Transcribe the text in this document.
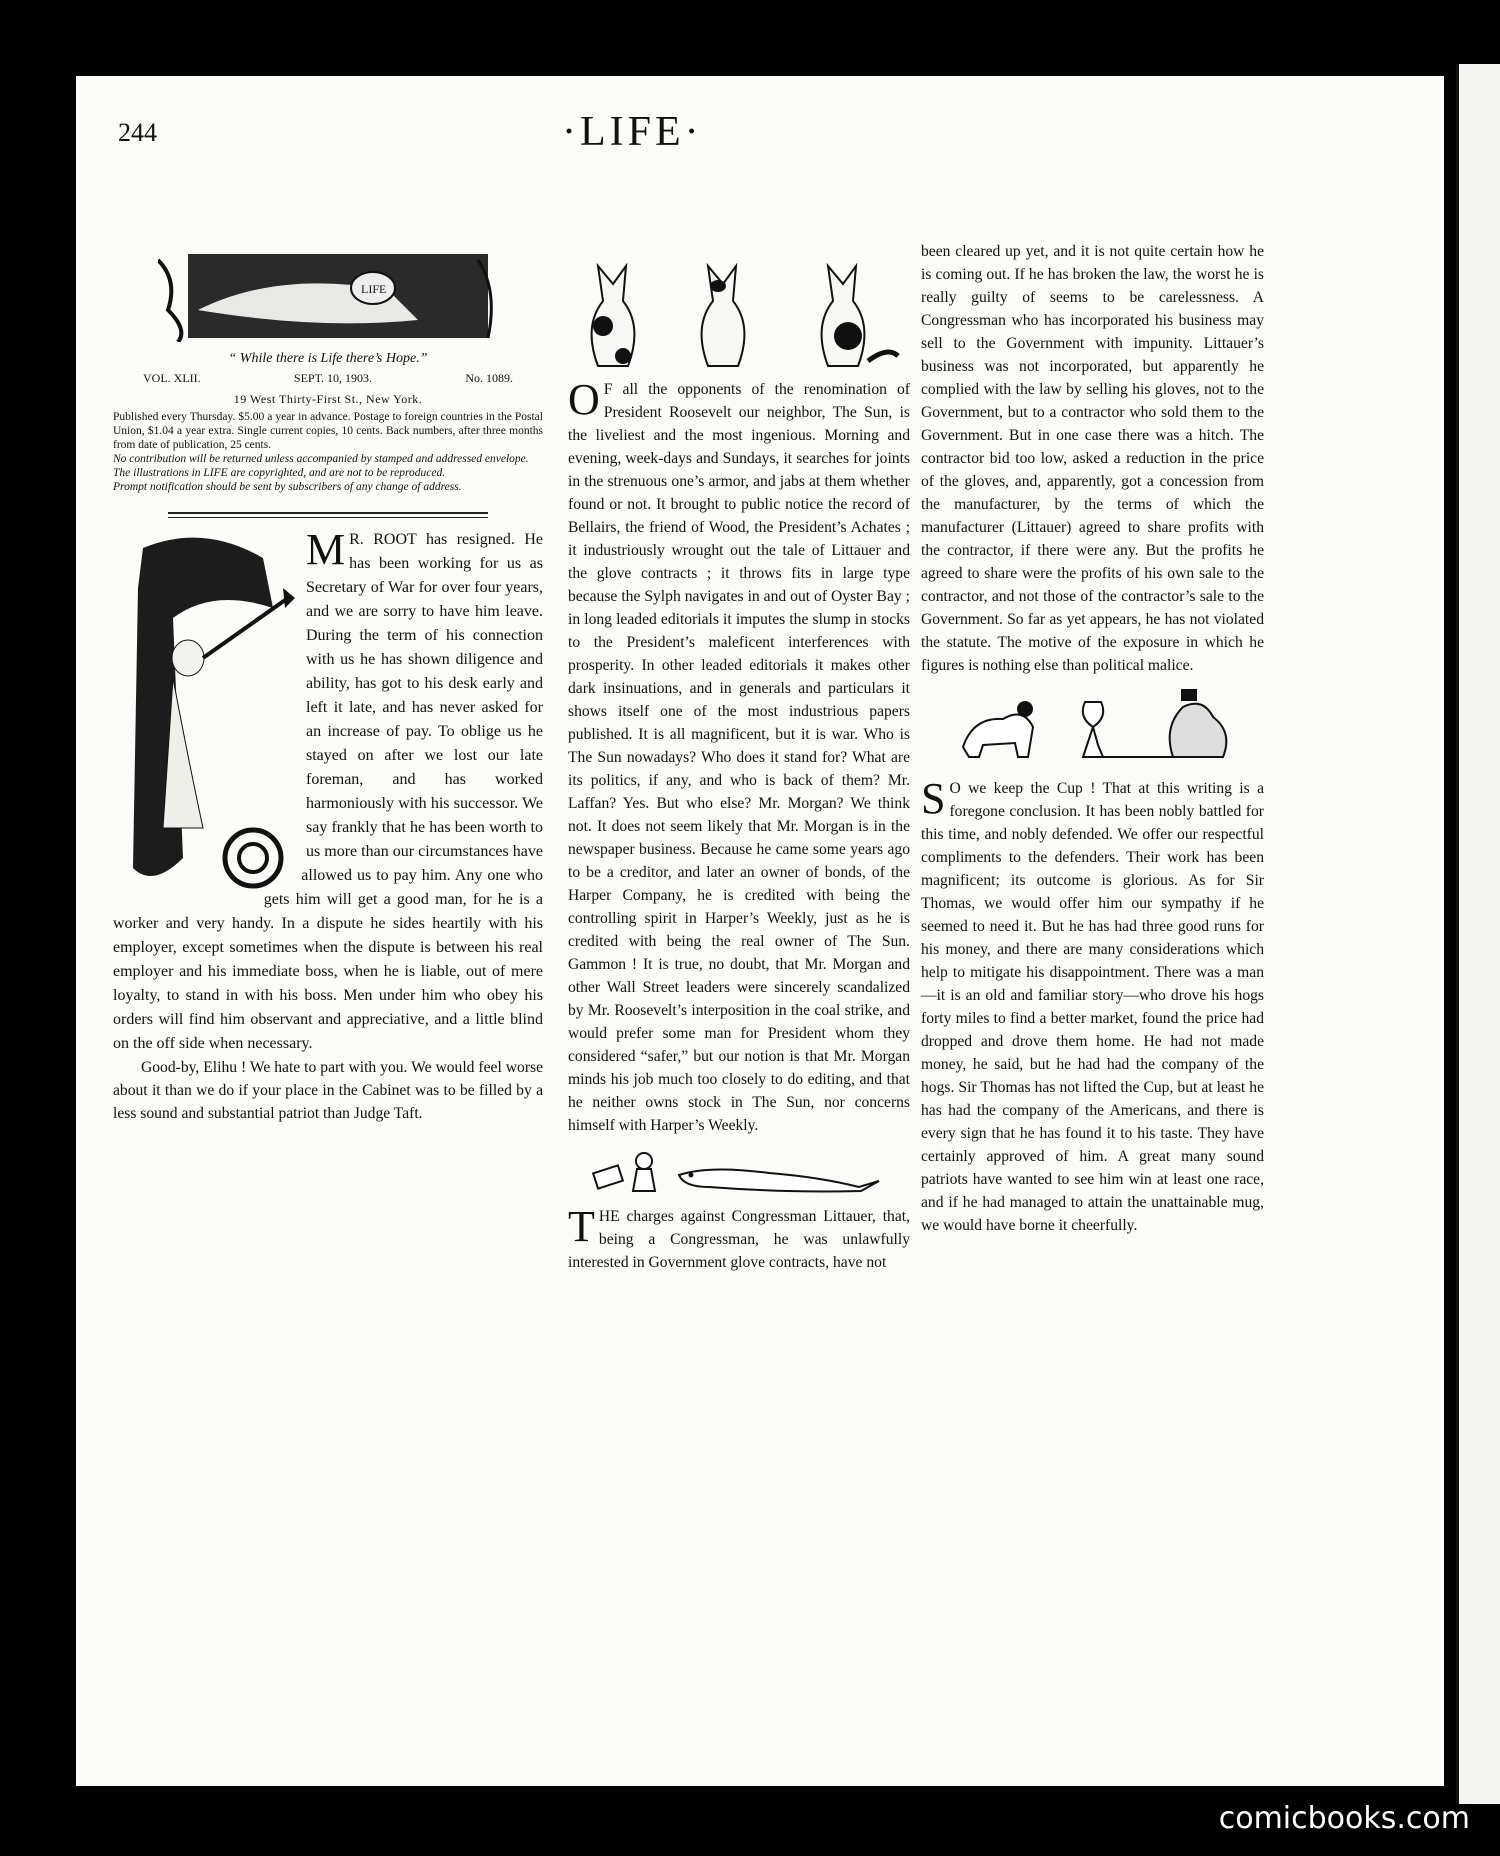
244	·LIFE·
LIFE
“ While there is Life there’s Hope.”
VOL. XLII.	SEPT. 10, 1903.	No. 1089.
19 West Thirty-First St., New York.

Published every Thursday. $5.00 a year in advance. Postage to foreign countries in the Postal Union, $1.04 a year extra. Single current copies, 10 cents. Back numbers, after three months from date of publication, 25 cents.

No contribution will be returned unless accompanied by stamped and addressed envelope.

The illustrations in LIFE are copyrighted, and are not to be reproduced.

Prompt notification should be sent by subscribers of any change of address.

M R. ROOT has resigned. He has been working for us as Secretary of War for over four years, and we are sorry to have him leave. During the term of his connection with us he has shown diligence and ability, has got to his desk early and left it late, and has never asked for an increase of pay. To oblige us he stayed on after we lost our late foreman, and has worked harmoniously with his successor. We say frankly that he has been worth to us more than our circumstances have allowed us to pay him. Any one who gets him will get a good man, for he is a worker and very handy. In a dispute he sides heartily with his employer, except sometimes when the dispute is between his real employer and his immediate boss, when he is liable, out of mere loyalty, to stand in with his boss. Men under him who obey his orders will find him observant and appreciative, and a little blind on the off side when necessary.

Good-by, Elihu ! We hate to part with you. We would feel worse about it than we do if your place in the Cabinet was to be filled by a less sound and substantial patriot than Judge Taft.

O F all the opponents of the renomination of President Roosevelt our neighbor, The Sun, is the liveliest and the most ingenious. Morning and evening, week-days and Sundays, it searches for joints in the strenuous one’s armor, and jabs at them whether found or not. It brought to public notice the record of Bellairs, the friend of Wood, the President’s Achates ; it industriously wrought out the tale of Littauer and the glove contracts ; it throws fits in large type because the Sylph navigates in and out of Oyster Bay ; in long leaded editorials it imputes the slump in stocks to the President’s maleficent interferences with prosperity. In other leaded editorials it makes other dark insinuations, and in generals and particulars it shows itself one of the most industrious papers published. It is all magnificent, but it is war. Who is The Sun nowadays? Who does it stand for? What are its politics, if any, and who is back of them? Mr. Laffan? Yes. But who else? Mr. Morgan? We think not. It does not seem likely that Mr. Morgan is in the newspaper business. Because he came some years ago to be a creditor, and later an owner of bonds, of the Harper Company, he is credited with being the controlling spirit in Harper’s Weekly, just as he is credited with being the real owner of The Sun. Gammon ! It is true, no doubt, that Mr. Morgan and other Wall Street leaders were sincerely scandalized by Mr. Roosevelt’s interposition in the coal strike, and would prefer some man for President whom they considered “safer,” but our notion is that Mr. Morgan minds his job much too closely to do editing, and that he neither owns stock in The Sun, nor concerns himself with Harper’s Weekly.

THE charges against Congressman Littauer, that, being a Congressman, he was unlawfully interested in Government glove contracts, have not

been cleared up yet, and it is not quite certain how he is coming out. If he has broken the law, the worst he is really guilty of seems to be carelessness. A Congressman who has incorporated his business may sell to the Government with impunity. Littauer’s business was not incorporated, but apparently he complied with the law by selling his gloves, not to the Government, but to a contractor who sold them to the Government. But in one case there was a hitch. The contractor bid too low, asked a reduction in the price of the gloves, and, apparently, got a concession from the manufacturer, by the terms of which the manufacturer (Littauer) agreed to share profits with the contractor, if there were any. But the profits he agreed to share were the profits of his own sale to the contractor, and not those of the contractor’s sale to the Government. So far as yet appears, he has not violated the statute. The motive of the exposure in which he figures is nothing else than political malice.

S O we keep the Cup ! That at this writing is a foregone conclusion. It has been nobly battled for this time, and nobly defended. We offer our respectful compliments to the defenders. Their work has been magnificent; its outcome is glorious. As for Sir Thomas, we would offer him our sympathy if he seemed to need it. But he has had three good runs for his money, and there are many considerations which help to mitigate his disappointment. There was a man—it is an old and familiar story—who drove his hogs forty miles to find a better market, found the price had dropped and drove them home. He had not made money, he said, but he had had the company of the hogs. Sir Thomas has not lifted the Cup, but at least he has had the company of the Americans, and there is every sign that he has found it to his taste. They have certainly approved of him. A great many sound patriots have wanted to see him win at least one race, and if he had managed to attain the unattainable mug, we would have borne it cheerfully.

comicbooks.com
